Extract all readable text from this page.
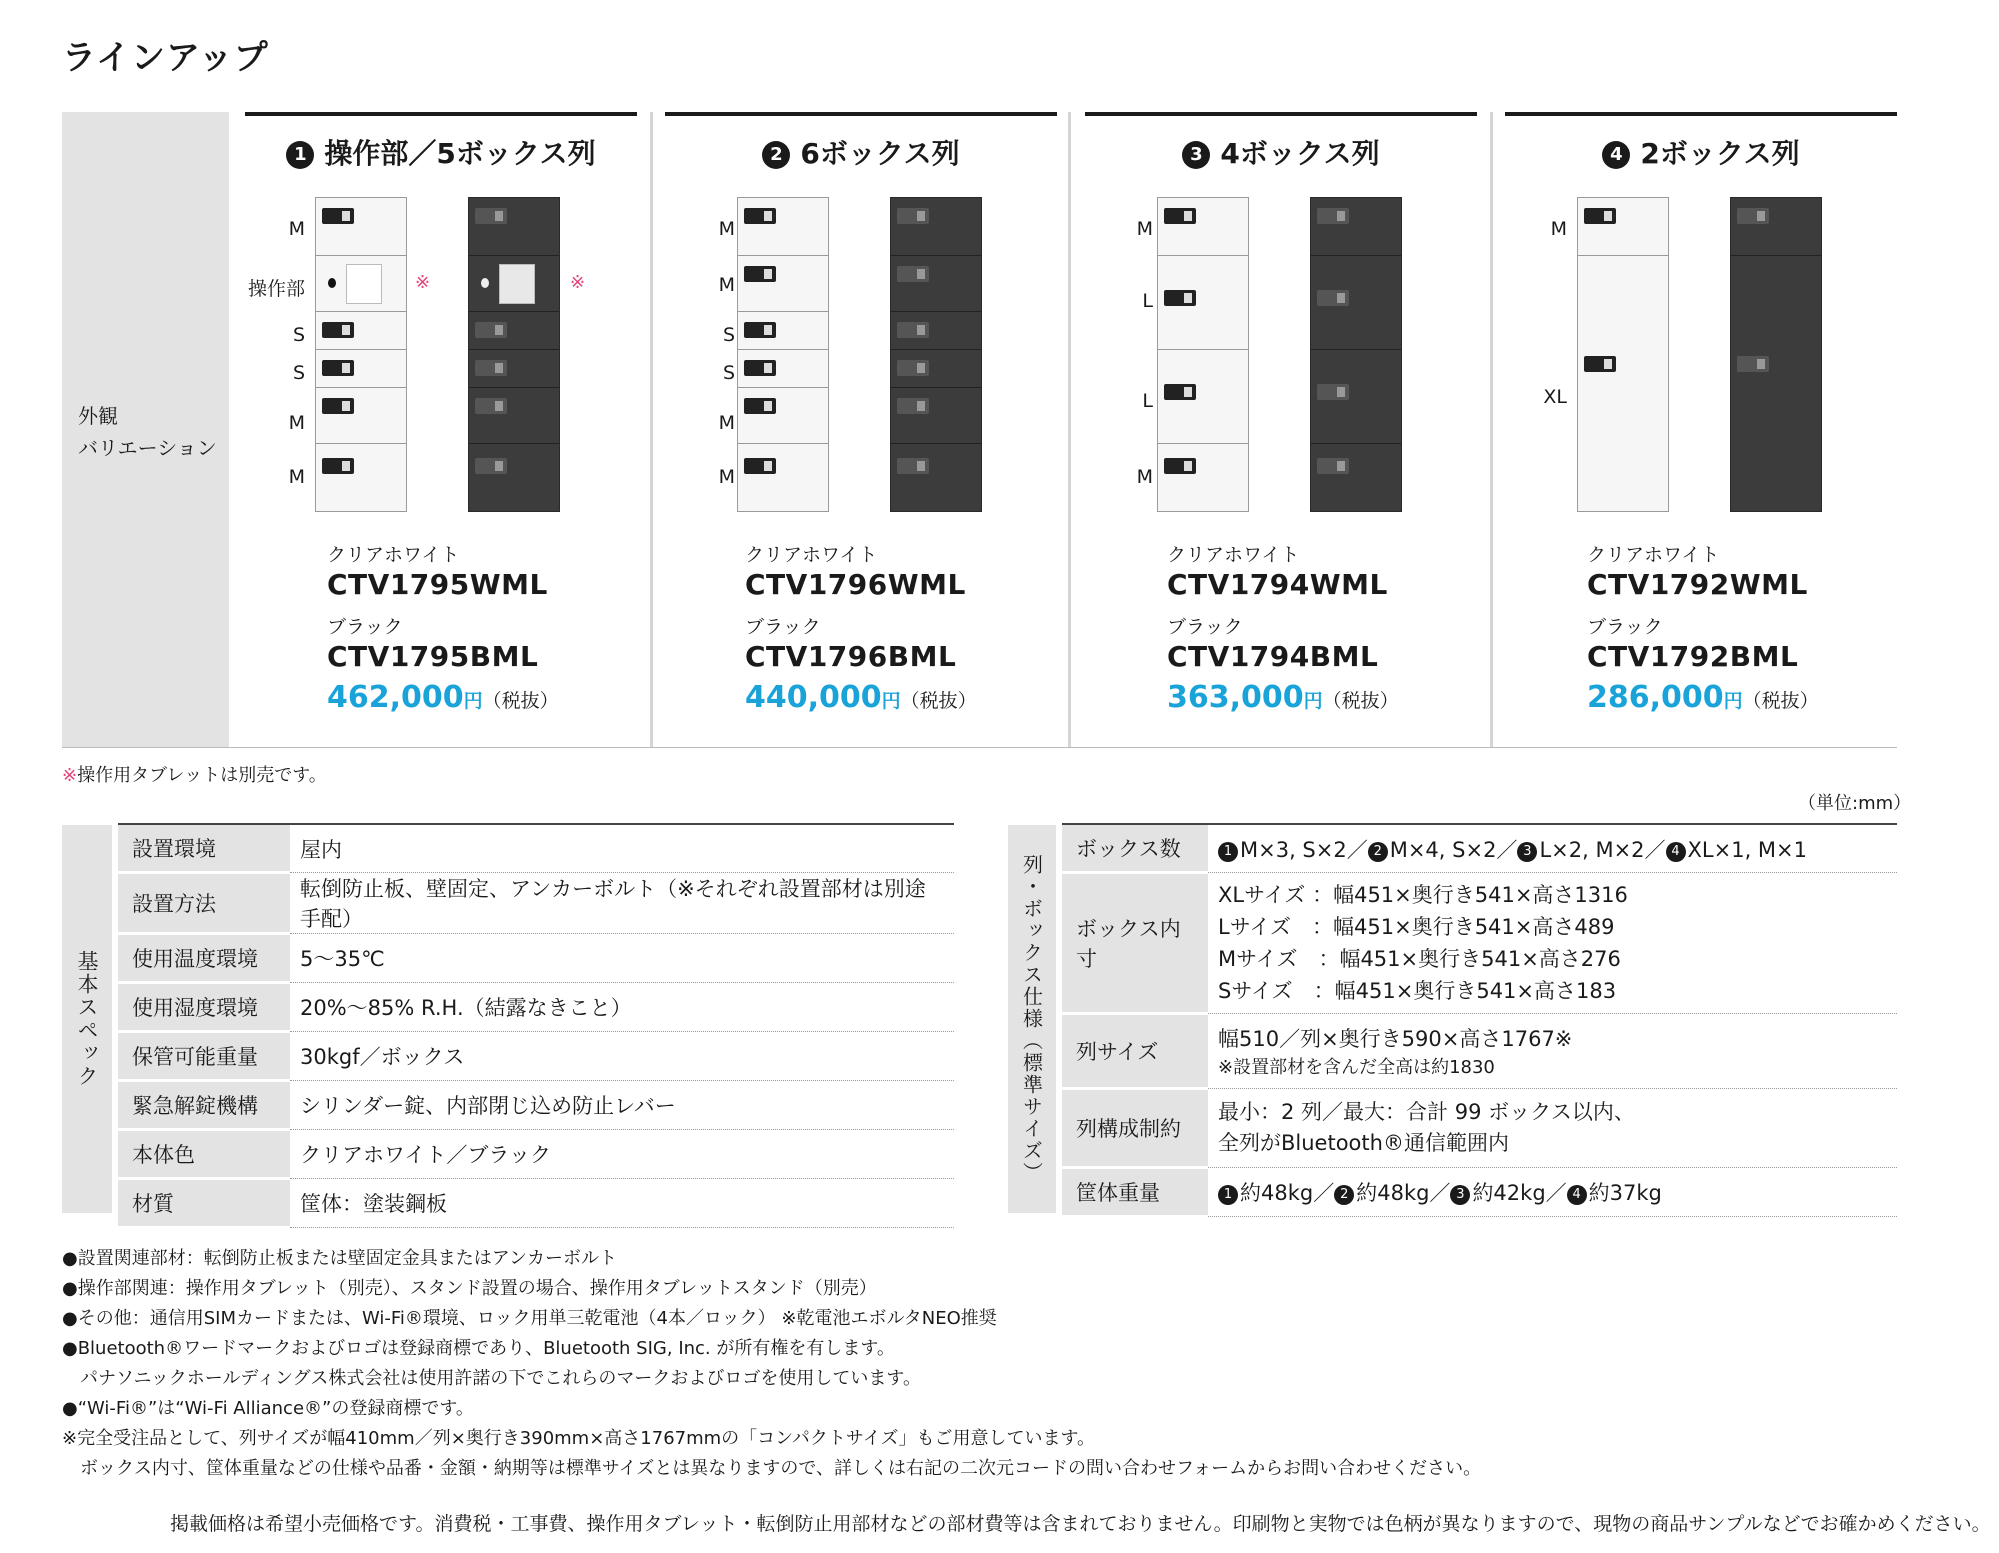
ラインアップ
外観
バリエーション
1 操作部／5ボックス列
M
操作部
S
S
M
M
※	※
クリアホワイト
CTV1795WML
ブラック
CTV1795BML
462,000円（税抜）
2 6ボックス列
M
M
S
S
M
M
クリアホワイト
CTV1796WML
ブラック
CTV1796BML
440,000円（税抜）
3 4ボックス列
M
L
L
M
クリアホワイト
CTV1794WML
ブラック
CTV1794BML
363,000円（税抜）
4 2ボックス列
M
XL
クリアホワイト
CTV1792WML
ブラック
CTV1792BML
286,000円（税抜）
※操作用タブレットは別売です。
（単位:mm）
基本スペック
設置環境	屋内
設置方法	転倒防止板、壁固定、アンカーボルト（※それぞれ設置部材は別途手配）
使用温度環境	5〜35℃
使用湿度環境	20%〜85% R.H.（結露なきこと）
保管可能重量	30kgf／ボックス
緊急解錠機構	シリンダー錠、内部閉じ込め防止レバー
本体色	クリアホワイト／ブラック
材質	筐体：塗装鋼板
列・ボックス仕様（標準サイズ）
ボックス数	1 M×3, S×2／ 2 M×4, S×2／ 3 L×2, M×2／ 4 XL×1, M×1
ボックス内寸	XLサイズ ：幅451×奥行き541×高さ1316
Lサイズ　：幅451×奥行き541×高さ489
Mサイズ　：幅451×奥行き541×高さ276
Sサイズ　：幅451×奥行き541×高さ183

列サイズ	幅510／列×奥行き590×高さ1767※
※設置部材を含んだ全高は約1830

列構成制約	最小：2 列／最大：合計 99 ボックス以内、
全列がBluetooth®通信範囲内

筐体重量	1 約48kg／ 2 約48kg／ 3 約42kg／ 4 約37kg
●設置関連部材：転倒防止板または壁固定金具またはアンカーボルト
●操作部関連：操作用タブレット（別売）、スタンド設置の場合、操作用タブレットスタンド（別売）
●その他：通信用SIMカードまたは、Wi-Fi®環境、ロック用単三乾電池（4本／ロック） ※乾電池エボルタNEO推奨
●Bluetooth®ワードマークおよびロゴは登録商標であり、Bluetooth SIG, Inc. が所有権を有します。
　パナソニックホールディングス株式会社は使用許諾の下でこれらのマークおよびロゴを使用しています。
●“Wi-Fi®”は“Wi-Fi Alliance®”の登録商標です。
※完全受注品として、列サイズが幅410mm／列×奥行き390mm×高さ1767mmの「コンパクトサイズ」もご用意しています。
　ボックス内寸、筐体重量などの仕様や品番・金額・納期等は標準サイズとは異なりますので、詳しくは右記の二次元コードの問い合わせフォームからお問い合わせください。
掲載価格は希望小売価格です。消費税・工事費、操作用タブレット・転倒防止用部材などの部材費等は含まれておりません。印刷物と実物では色柄が異なりますので、現物の商品サンプルなどでお確かめください。
